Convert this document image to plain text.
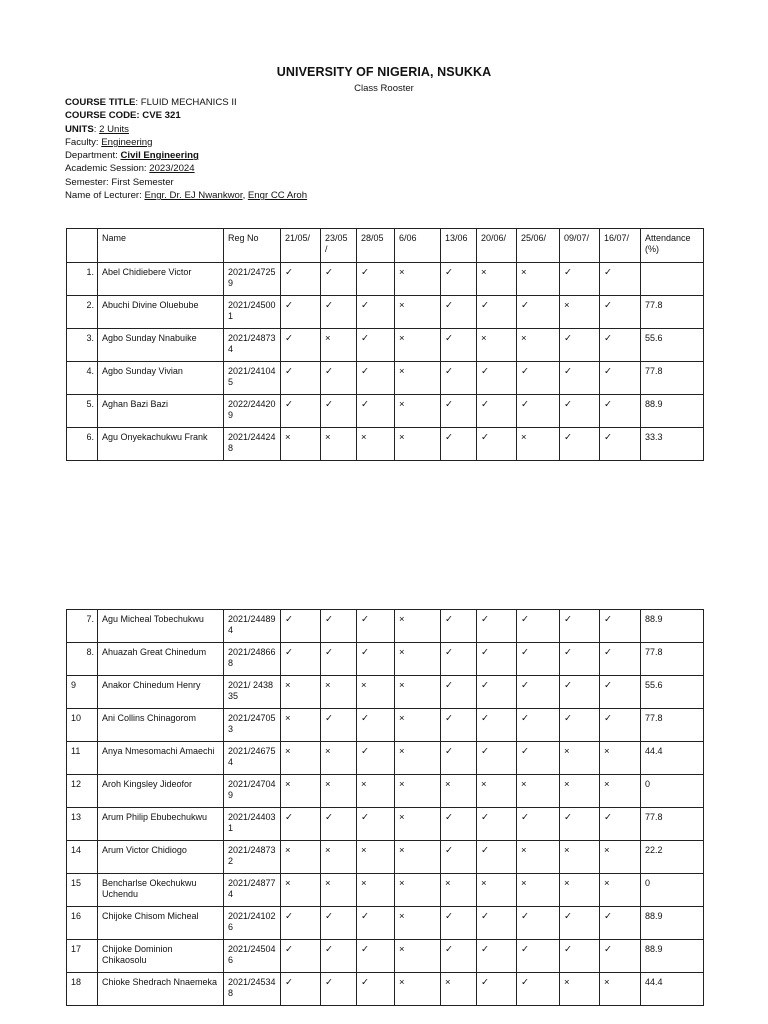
UNIVERSITY OF NIGERIA, NSUKKA
Class Rooster
COURSE TITLE: FLUID MECHANICS II
COURSE CODE: CVE 321
UNITS: 2 Units
Faculty: Engineering
Department: Civil Engineering
Academic Session: 2023/2024
Semester: First Semester
Name of Lecturer: Engr. Dr. EJ Nwankwor, Engr CC Aroh
	Name	Reg No	21/05/	23/05 /	28/05	6/06	13/06	20/06/	25/06/	09/07/	16/07/	Attendance (%)
1.	Abel Chidiebere Victor	2021/247259	✓	✓	✓	×	✓	×	×	✓	✓	
2.	Abuchi Divine Oluebube	2021/245001	✓	✓	✓	×	✓	✓	✓	×	✓	77.8
3.	Agbo Sunday Nnabuike	2021/248734	✓	×	✓	×	✓	×	×	✓	✓	55.6
4.	Agbo Sunday Vivian	2021/241045	✓	✓	✓	×	✓	✓	✓	✓	✓	77.8
5.	Aghan Bazi Bazi	2022/244209	✓	✓	✓	×	✓	✓	✓	✓	✓	88.9
6.	Agu Onyekachukwu Frank	2021/244248	×	×	×	×	✓	✓	×	✓	✓	33.3
7.	Agu Micheal Tobechukwu	2021/244894	✓	✓	✓	×	✓	✓	✓	✓	✓	88.9
8.	Ahuazah Great Chinedum	2021/248668	✓	✓	✓	×	✓	✓	✓	✓	✓	77.8
9	Anakor Chinedum Henry	2021/ 243835	×	×	×	×	✓	✓	✓	✓	✓	55.6
10	Ani Collins Chinagorom	2021/247053	×	✓	✓	×	✓	✓	✓	✓	✓	77.8
11	Anya Nmesomachi Amaechi	2021/246754	×	×	✓	×	✓	✓	✓	×	×	44.4
12	Aroh Kingsley Jideofor	2021/247049	×	×	×	×	×	×	×	×	×	0
13	Arum Philip Ebubechukwu	2021/244031	✓	✓	✓	×	✓	✓	✓	✓	✓	77.8
14	Arum Victor Chidiogo	2021/248732	×	×	×	×	✓	✓	×	×	×	22.2
15	Bencharlse Okechukwu Uchendu	2021/248774	×	×	×	×	×	×	×	×	×	0
16	Chijoke Chisom Micheal	2021/241026	✓	✓	✓	×	✓	✓	✓	✓	✓	88.9
17	Chijoke Dominion Chikaosolu	2021/245046	✓	✓	✓	×	✓	✓	✓	✓	✓	88.9
18	Chioke Shedrach Nnaemeka	2021/245348	✓	✓	✓	×	×	✓	✓	×	×	44.4
